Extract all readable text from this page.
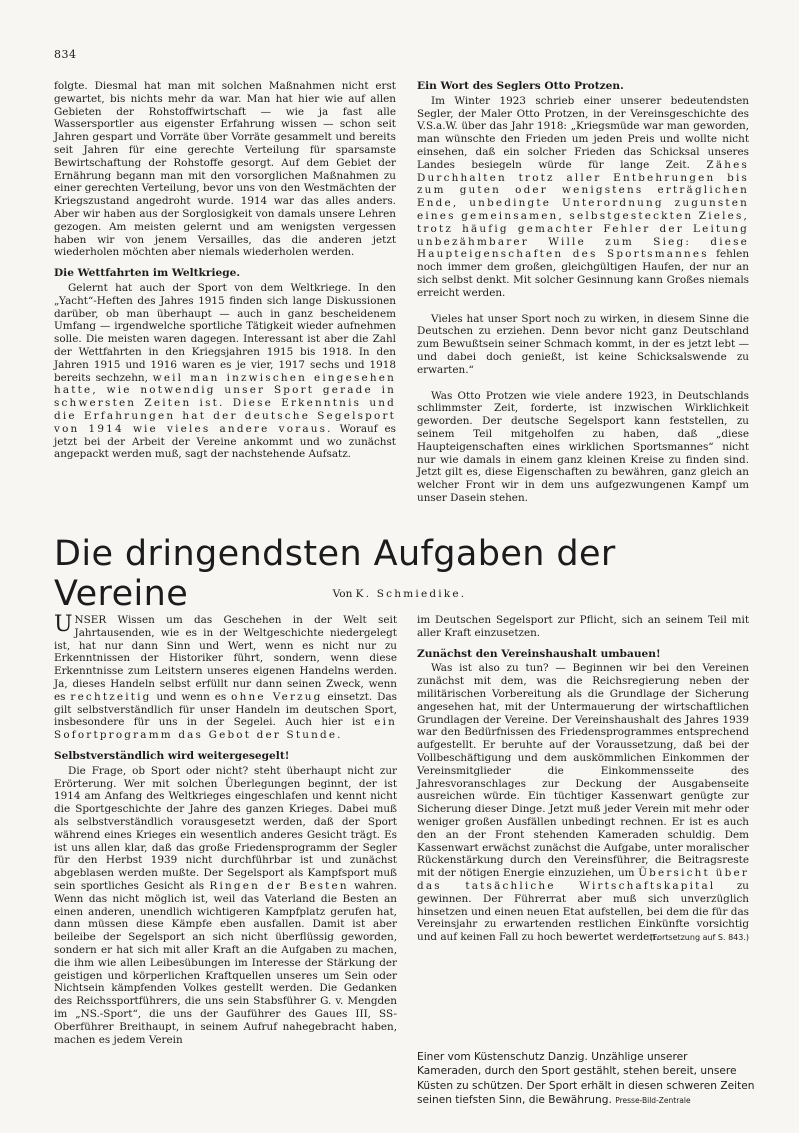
834

folgte. Diesmal hat man mit solchen Maßnahmen nicht erst gewartet, bis nichts mehr da war. Man hat hier wie auf allen Gebieten der Rohstoffwirtschaft — wie ja fast alle Wassersportler aus eigenster Erfahrung wissen — schon seit Jahren gespart und Vorräte über Vorräte gesammelt und bereits seit Jahren für eine gerechte Verteilung für sparsamste Bewirtschaftung der Rohstoffe gesorgt. Auf dem Gebiet der Ernährung begann man mit den vorsorglichen Maßnahmen zu einer gerechten Verteilung, bevor uns von den Westmächten der Kriegszustand angedroht wurde. 1914 war das alles anders. Aber wir haben aus der Sorglosigkeit von damals unsere Lehren gezogen. Am meisten gelernt und am wenigsten vergessen haben wir von jenem Versailles, das die anderen jetzt wiederholen möchten aber niemals wiederholen werden.

Die Wettfahrten im Weltkriege.

Gelernt hat auch der Sport von dem Weltkriege. In den „Yacht“-Heften des Jahres 1915 finden sich lange Diskussionen darüber, ob man überhaupt — auch in ganz bescheidenem Umfang — irgendwelche sportliche Tätigkeit wieder aufnehmen solle. Die meisten waren dagegen. Interessant ist aber die Zahl der Wettfahrten in den Kriegsjahren 1915 bis 1918. In den Jahren 1915 und 1916 waren es je vier, 1917 sechs und 1918 bereits sechzehn, weil man inzwischen eingesehen hatte, wie notwendig unser Sport gerade in schwersten Zeiten ist. Diese Erkenntnis und die Erfahrungen hat der deutsche Segelsport von 1914 wie vieles andere voraus. Worauf es jetzt bei der Arbeit der Vereine ankommt und wo zunächst angepackt werden muß, sagt der nachstehende Aufsatz.

Ein Wort des Seglers Otto Protzen.

Im Winter 1923 schrieb einer unserer bedeutendsten Segler, der Maler Otto Protzen, in der Vereinsgeschichte des V.S.a.W. über das Jahr 1918: „Kriegsmüde war man geworden, man wünschte den Frieden um jeden Preis und wollte nicht einsehen, daß ein solcher Frieden das Schicksal unseres Landes besiegeln würde für lange Zeit. Zähes Durchhalten trotz aller Entbehrungen bis zum guten oder wenigstens erträglichen Ende, unbedingte Unterordnung zugunsten eines gemeinsamen, selbstgesteckten Zieles, trotz häufig gemachter Fehler der Leitung unbezähmbarer Wille zum Sieg: diese Haupteigenschaften des Sportsmannes fehlen noch immer dem großen, gleichgültigen Haufen, der nur an sich selbst denkt. Mit solcher Gesinnung kann Großes niemals erreicht werden.

Vieles hat unser Sport noch zu wirken, in diesem Sinne die Deutschen zu erziehen. Denn bevor nicht ganz Deutschland zum Bewußtsein seiner Schmach kommt, in der es jetzt lebt — und dabei doch genießt, ist keine Schicksalswende zu erwarten.“

Was Otto Protzen wie viele andere 1923, in Deutschlands schlimmster Zeit, forderte, ist inzwischen Wirklichkeit geworden. Der deutsche Segelsport kann feststellen, zu seinem Teil mitgeholfen zu haben, daß „diese Haupteigenschaften eines wirklichen Sportsmannes“ nicht nur wie damals in einem ganz kleinen Kreise zu finden sind. Jetzt gilt es, diese Eigenschaften zu bewähren, ganz gleich an welcher Front wir in dem uns aufgezwungenen Kampf um unser Dasein stehen.

Die dringendsten Aufgaben der Vereine	Von K. Schmiedike.

UNSER Wissen um das Geschehen in der Welt seit Jahrtausenden, wie es in der Weltgeschichte niedergelegt ist, hat nur dann Sinn und Wert, wenn es nicht nur zu Erkenntnissen der Historiker führt, sondern, wenn diese Erkenntnisse zum Leitstern unseres eigenen Handelns werden. Ja, dieses Handeln selbst erfüllt nur dann seinen Zweck, wenn es rechtzeitig und wenn es ohne Verzug einsetzt. Das gilt selbstverständlich für unser Handeln im deutschen Sport, insbesondere für uns in der Segelei. Auch hier ist ein Sofortprogramm das Gebot der Stunde.

Selbstverständlich wird weitergesegelt!

Die Frage, ob Sport oder nicht? steht überhaupt nicht zur Erörterung. Wer mit solchen Überlegungen beginnt, der ist 1914 am Anfang des Weltkrieges eingeschlafen und kennt nicht die Sportgeschichte der Jahre des ganzen Krieges. Dabei muß als selbstverständlich vorausgesetzt werden, daß der Sport während eines Krieges ein wesentlich anderes Gesicht trägt. Es ist uns allen klar, daß das große Friedensprogramm der Segler für den Herbst 1939 nicht durchführbar ist und zunächst abgeblasen werden mußte. Der Segelsport als Kampfsport muß sein sportliches Gesicht als Ringen der Besten wahren. Wenn das nicht möglich ist, weil das Vaterland die Besten an einen anderen, unendlich wichtigeren Kampfplatz gerufen hat, dann müssen diese Kämpfe eben ausfallen. Damit ist aber beileibe der Segelsport an sich nicht überflüssig geworden, sondern er hat sich mit aller Kraft an die Aufgaben zu machen, die ihm wie allen Leibesübungen im Interesse der Stärkung der geistigen und körperlichen Kraftquellen unseres um Sein oder Nichtsein kämpfenden Volkes gestellt werden. Die Gedanken des Reichssportführers, die uns sein Stabsführer G. v. Mengden im „NS.-Sport“, die uns der Gauführer des Gaues III, SS-Oberführer Breithaupt, in seinem Aufruf nahegebracht haben, machen es jedem Verein

im Deutschen Segelsport zur Pflicht, sich an seinem Teil mit aller Kraft einzusetzen.

Zunächst den Vereinshaushalt umbauen!

Was ist also zu tun? — Beginnen wir bei den Vereinen zunächst mit dem, was die Reichsregierung neben der militärischen Vorbereitung als die Grundlage der Sicherung angesehen hat, mit der Untermauerung der wirtschaftlichen Grundlagen der Vereine. Der Vereinshaushalt des Jahres 1939 war den Bedürfnissen des Friedensprogrammes entsprechend aufgestellt. Er beruhte auf der Voraussetzung, daß bei der Vollbeschäftigung und dem auskömmlichen Einkommen der Vereinsmitglieder die Einkommensseite des Jahresvoranschlages zur Deckung der Ausgabenseite ausreichen würde. Ein tüchtiger Kassenwart genügte zur Sicherung dieser Dinge. Jetzt muß jeder Verein mit mehr oder weniger großen Ausfällen unbedingt rechnen. Er ist es auch den an der Front stehenden Kameraden schuldig. Dem Kassenwart erwächst zunächst die Aufgabe, unter moralischer Rückenstärkung durch den Vereinsführer, die Beitragsreste mit der nötigen Energie einzuziehen, um Übersicht über das tatsächliche Wirtschaftskapital zu gewinnen. Der Führerrat aber muß sich unverzüglich hinsetzen und einen neuen Etat aufstellen, bei dem die für das Vereinsjahr zu erwartenden restlichen Einkünfte vorsichtig und auf keinen Fall zu hoch bewertet werden.

(Fortsetzung auf S. 843.)
Einer vom Küstenschutz Danzig. Unzählige unserer Kameraden, durch den Sport gestählt, stehen bereit, unsere Küsten zu schützen. Der Sport erhält in diesen schweren Zeiten seinen tiefsten Sinn, die Bewährung. Presse-Bild-Zentrale
